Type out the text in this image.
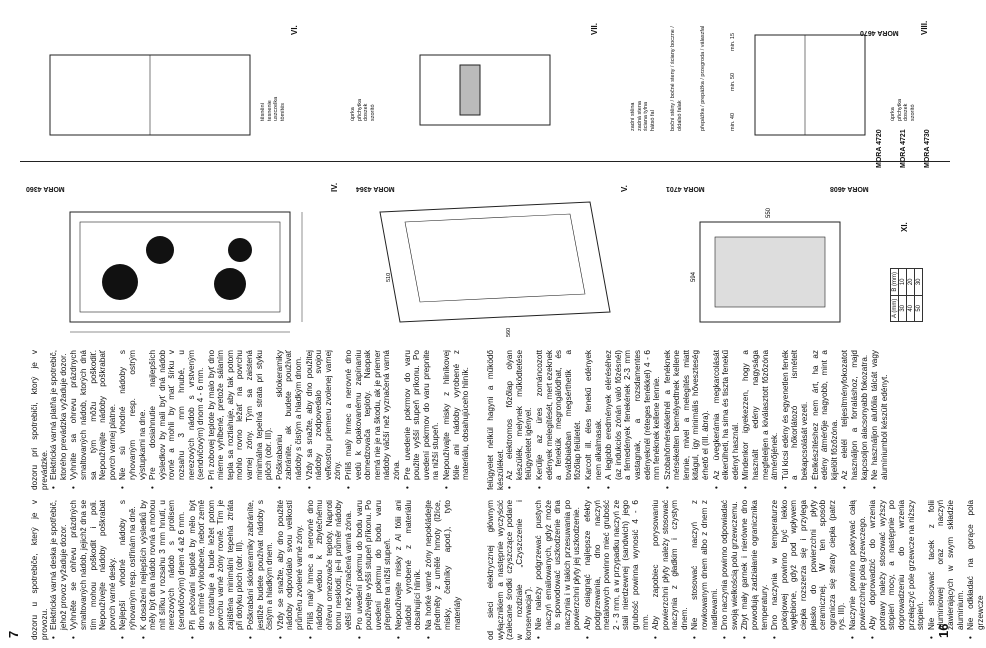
7	16
dozoru u spotrebiče, který je v provozu. • Elektrická varná deska je spotřebič, jehož provoz vyžaduje dozor. • Vyhněte se ohřevu prázdných smaltovaných nádob, jejichž dna se tím mohou poškodit i poli. Nepoužívejte nádoby poškrabat povrch varné desky. • Nejlepší vhodné nádoby s rýhovaným resp. ostřinám na dně. • K dosažení nejlepších výsledků by měly být dna nádob rovná a mohou mít šířku v rozsahu 3 mm hnutí, u nerezových nádob s prolisem (sendvičovým) dnem 4 až 6 mm. • Při pečování teplotě by mělo být dno mírně vyhloubené, neboť země se roztahuje a bude ležet potom povrchu varné zóny rovně. Tím je zajištěna minimální tepelná ztráta při dotyku ploch (obr. III). • Poškrabání sklokeramiky zabráníte, jestliže budete používat nádoby s čistým a hladkým dnem. • Vždy se snažte, aby dno použité nádoby odpovídalo svou velikostí průměru zvolené varné zóny. • Příliš malý hmec a nerovné dno nádoby vedou k zbytečnému ohřevu omezovače teploty. Naproti tomu nesklodí, je-li průměr nádoby větší než vyznačená varná zóna. • Pro uvedení pokrmu do bodu varu používejte vyšší stupeň příkonu. Po uvedení pokrmu do bodu varu přepněte na nižší stupeň. • Nepoužívejte misky z Al fólii ani nádobí vyrobené z materiálu obsahující hliník. • Na horké varné zóny nepokládejte předměty z umělé hmoty (lžíce, misky, čedníky apod.), tyto materiály
dozoru pri spotrebiči, ktorý je v prevádzke. • Elektrická varná platňa je spotrebič, ktorého prevádzka vyžaduje dozor. • Vyhnite sa ohrevu prázdnych smaltovaných nádob, ktorých dná sa tým môžu poškodiť. Nepoužívajte nádoby poškrabať povrch varnej platne. • Nie sú vhodné nádoby s ryhovaným resp. ostrým výstupkami na dne. • Pre dosiahnutie najlepších výsledkov by mali byť dná nádob rovné a mohli by mať šírku v rozsahu 3 mm hnubé, u nerezových nádob s vrstveným (sendvičovým) dnom 4 - 6 mm. • Pri zobovej teplote by malo byť dno mierne vyhlbené, pretože sálaním tepla sa roztiahuje, aby tak potom mohlo rovno ležať na povrchu varnej zóny. Tým sa zaistená minimálna tepelná strata pri styku plôch (obr. III). • Poškrabaniu sklokeramiky zabránite, ak budete používať nádoby s čistým a hladkým dnom. • Vždy sa snažte, aby dno použitej nádoby zodpovedalo svojou veľkosťou priemeru zvolenej varnej zóny. • Príliš malý hrnec a nerovné dno vedú k opakovanému zapínaniu obmedzovača teploty. Naopak nemá nie je na škodu, ak je priemer nádoby väčší než vyznačená varná zóna. • Pre uvedenie pokrmov do varu použite vyšší stupeň príkonu. Po uvedení pokrmov do varu prepnite na nižší stupeň. • Nepoužívajte misky z hliníkovej fólie ani nádoby vyrobené z materiálu, obsahujúceho hliník.
od sieci elektrycznej głównym wyłącznikiem a następnie wyczyścić (zalecane środki czyszczące podane w rozdziale „Czyszczenie i konserwacja”). • Nie należy podgrzewać pustych naczyń emaliowanych, gdyż może to spowodować uszkodzenie dna naczynia i w takich przesuwania po powierzchni płyty jej uszkodzenie. • Aby osiągnąć najlepsze efekty podgrzewania, dno naczyń metalowych powinno mieć grubość 2 - 3 mm, a w przypadku naczyń ze stali nierdzewnej (sandwich) jego grubość powinna wynosić 4 - 6 mm. • Aby zapobiec porysowaniu powierzchni płyty należy stosować naczynia z gładkim i czystym dnem. • Nie stosować naczyń z rowkowanym dnem albo z dnem z nadlewami. • Dno naczynia powinno odpowiadać swoją wielkością polu grzewczemu. • Zbyt mały garnek i nierówne dno powodują zadziałanie ogranicznika temperatury. • Dno naczynia w temperaturze pokojowej powinno być lekko wgłębione, gdyż pod wpływem ciepła rozszerza się i przylega płasko do powierzchni płyty ceramicznej. W ten sposób ogranicza się straty ciepła (patrz rys. III). • Naczynie powinno pokrywać całą powierzchnię pola grzewczego. • Aby doprowadzić do wrzenia potrawy należy stosować wyższy stopień mocy, a następnie po doprowadzeniu do wrzenia przełączyć pole grzewcze na niższy stopień. • Nie stosować tacek z folii aluminiowej oraz naczyń zawierających w swym składzie aluminium. • Nie odkładać na gorące pola grzewcze
felügyelet nélkül hagyni a működő készüléket. • Az elektromos főzőlap olyan készülék, melynek működtetése felügyeletet igényel. • Kerülje az üres zománcozott edények melegítését, mert ezeknek a fenekük megrongálódhat, és továbbiakban megsérthetik a főzőlap felületét. • Karcolt ill. éles fenekű edények nem alkalmasak. • A legjobb eredmények eléréséhez (az indukciós zónán való főzésnél) a fémedények fenekének 2-3 mm vastagnak, a rozsdamentes edényeknél (réteges fenékkel) 4 - 6 mm fenéknek kellene lennie. • Szobahőmérsékletnél a fenéknek mérsékelten bemélyedtnek kellene lennie, mivel a melegítés miatt kitágul, így minimális hőveszteség érhető el (III. ábra). • Az üvegkerámia megkarcolását elkerülheti, ha sima és tiszta fenekű edényt használ. • Mindenkor igyekezzen, hogy a használt edény nagysága megfeleljen a kiválasztott főzőzóna átmérőjének. • Túl kicsi edény és egyenetlen fenék a hőkorlátozó ismételt bekapcsolását vezeti. • Ételkészítéshez nem árt, ha az edény átmérője nagyobb, mint a kijelölt főzőzóna. • Az elelél teljesítményfokozatot használjon a forraláshoz, majd kapcsoljon alacsonyabb fokozatra. • Ne használjon alufólia tálcát vagy alumíniumból készült edényt.
MORA 4360	IV. MORA 4364
510
560
V.	MORA 4701
594
550
MORA 4608
A (mm)	B (mm)
30	10
40	20
50	30
XI.
těsnění
tesnenie
uszczelka
tömítés
VI.
úprka
přichytka
doszek
szorító
VII.
zadní stěna
zadná stena
ściana tylna
hátsó fal	boční stěny / bočné steny / ściany boczne / oldalsó falak	přepážka / prepážka / przegroda / válaszfal	min. 40
min. 50
min. 15
úprka
přichytka
doszek
szorító
VIII.
MORA 4670

MORA 4720

MORA 4721

MORA 4730
